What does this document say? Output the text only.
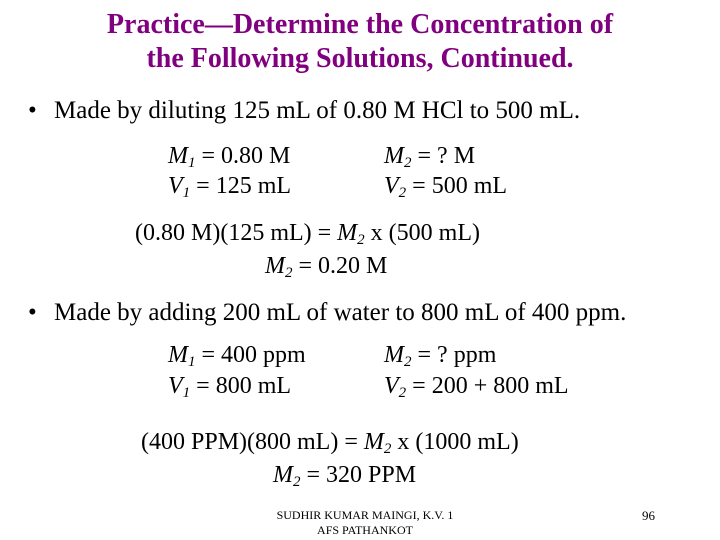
Practice—Determine the Concentration of
the Following Solutions, Continued.
• Made by diluting 125 mL of 0.80 M HCl to 500 mL.
$M_1 = 0.80$ M	$M_2$ = ? M
$V_1 = 125$ mL	$V_2 = 500$ mL
(0.80 M)(125 $mL) = M_2$ x (500 mL)
$M_2 = 0.20$ M
• Made by adding 200 mL of water to 800 mL of 400 ppm.
$M_1 = 400$ ppm	$M_2$ = ? ppm
$V_1 = 800$ mL	$V_2 = 200 + 800$ mL
(400 PPM)(800 $mL) = M_2$ x (1000 mL)
$M_2 = 320$ PPM
SUDHIR KUMAR MAINGI, K.V. 1
AFS PATHANKOT
96
